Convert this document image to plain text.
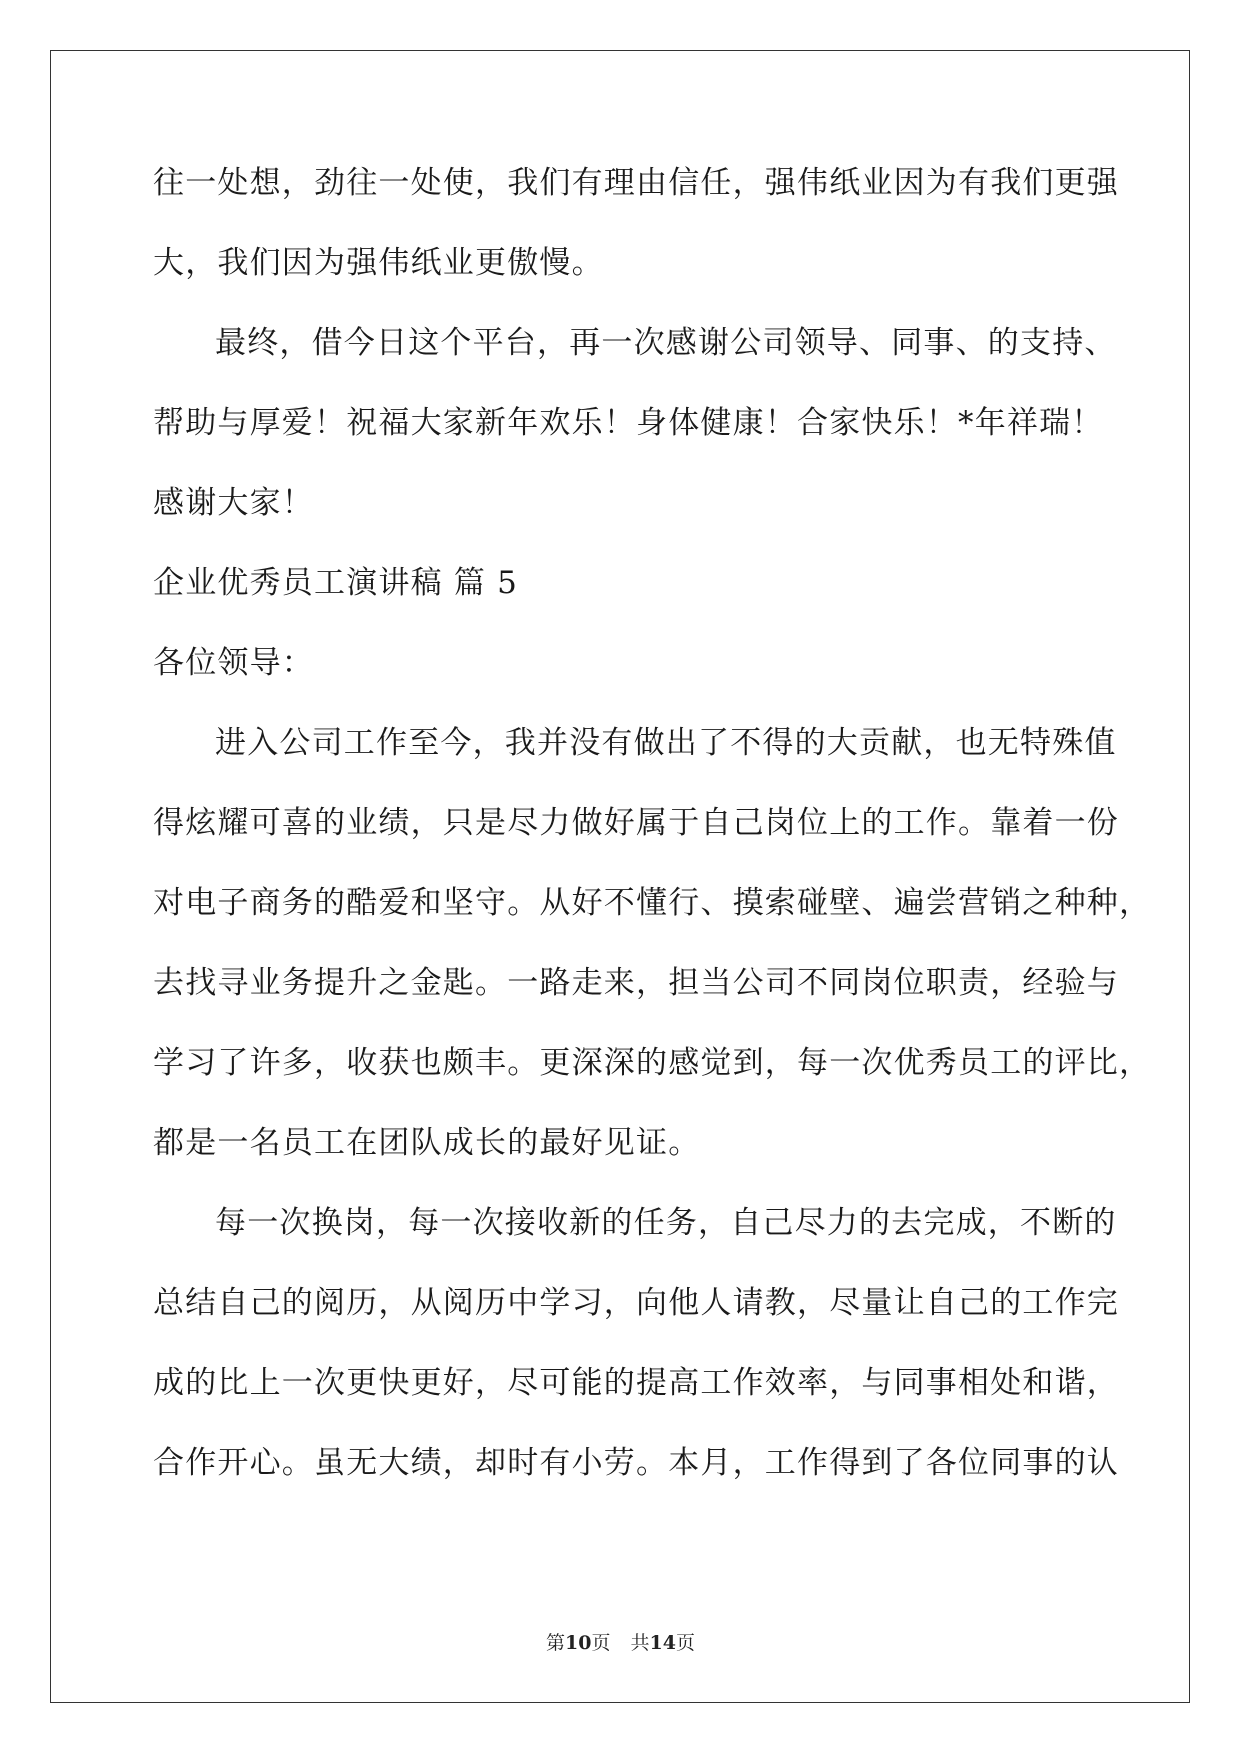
往一处想，劲往一处使，我们有理由信任，强伟纸业因为有我们更强
大，我们因为强伟纸业更傲慢。
最终，借今日这个平台，再一次感谢公司领导、同事、的支持、
帮助与厚爱！祝福大家新年欢乐！身体健康！合家快乐！*年祥瑞！
感谢大家！
企业优秀员工演讲稿 篇 5
各位领导：
进入公司工作至今，我并没有做出了不得的大贡献，也无特殊值
得炫耀可喜的业绩，只是尽力做好属于自己岗位上的工作。靠着一份
对电子商务的酷爱和坚守。从好不懂行、摸索碰壁、遍尝营销之种种，
去找寻业务提升之金匙。一路走来，担当公司不同岗位职责，经验与
学习了许多，收获也颇丰。更深深的感觉到，每一次优秀员工的评比，
都是一名员工在团队成长的最好见证。
每一次换岗，每一次接收新的任务，自己尽力的去完成，不断的
总结自己的阅历，从阅历中学习，向他人请教，尽量让自己的工作完
成的比上一次更快更好，尽可能的提高工作效率，与同事相处和谐，
合作开心。虽无大绩，却时有小劳。本月，工作得到了各位同事的认
第10页 共14页
